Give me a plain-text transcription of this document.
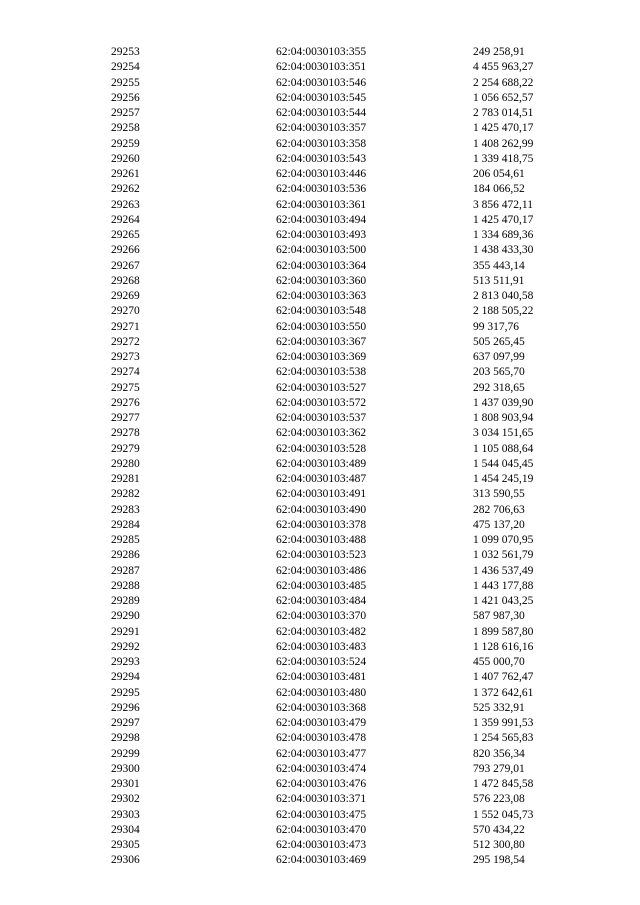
29253	62:04:0030103:355	249 258,91
29254	62:04:0030103:351	4 455 963,27
29255	62:04:0030103:546	2 254 688,22
29256	62:04:0030103:545	1 056 652,57
29257	62:04:0030103:544	2 783 014,51
29258	62:04:0030103:357	1 425 470,17
29259	62:04:0030103:358	1 408 262,99
29260	62:04:0030103:543	1 339 418,75
29261	62:04:0030103:446	206 054,61
29262	62:04:0030103:536	184 066,52
29263	62:04:0030103:361	3 856 472,11
29264	62:04:0030103:494	1 425 470,17
29265	62:04:0030103:493	1 334 689,36
29266	62:04:0030103:500	1 438 433,30
29267	62:04:0030103:364	355 443,14
29268	62:04:0030103:360	513 511,91
29269	62:04:0030103:363	2 813 040,58
29270	62:04:0030103:548	2 188 505,22
29271	62:04:0030103:550	99 317,76
29272	62:04:0030103:367	505 265,45
29273	62:04:0030103:369	637 097,99
29274	62:04:0030103:538	203 565,70
29275	62:04:0030103:527	292 318,65
29276	62:04:0030103:572	1 437 039,90
29277	62:04:0030103:537	1 808 903,94
29278	62:04:0030103:362	3 034 151,65
29279	62:04:0030103:528	1 105 088,64
29280	62:04:0030103:489	1 544 045,45
29281	62:04:0030103:487	1 454 245,19
29282	62:04:0030103:491	313 590,55
29283	62:04:0030103:490	282 706,63
29284	62:04:0030103:378	475 137,20
29285	62:04:0030103:488	1 099 070,95
29286	62:04:0030103:523	1 032 561,79
29287	62:04:0030103:486	1 436 537,49
29288	62:04:0030103:485	1 443 177,88
29289	62:04:0030103:484	1 421 043,25
29290	62:04:0030103:370	587 987,30
29291	62:04:0030103:482	1 899 587,80
29292	62:04:0030103:483	1 128 616,16
29293	62:04:0030103:524	455 000,70
29294	62:04:0030103:481	1 407 762,47
29295	62:04:0030103:480	1 372 642,61
29296	62:04:0030103:368	525 332,91
29297	62:04:0030103:479	1 359 991,53
29298	62:04:0030103:478	1 254 565,83
29299	62:04:0030103:477	820 356,34
29300	62:04:0030103:474	793 279,01
29301	62:04:0030103:476	1 472 845,58
29302	62:04:0030103:371	576 223,08
29303	62:04:0030103:475	1 552 045,73
29304	62:04:0030103:470	570 434,22
29305	62:04:0030103:473	512 300,80
29306	62:04:0030103:469	295 198,54
